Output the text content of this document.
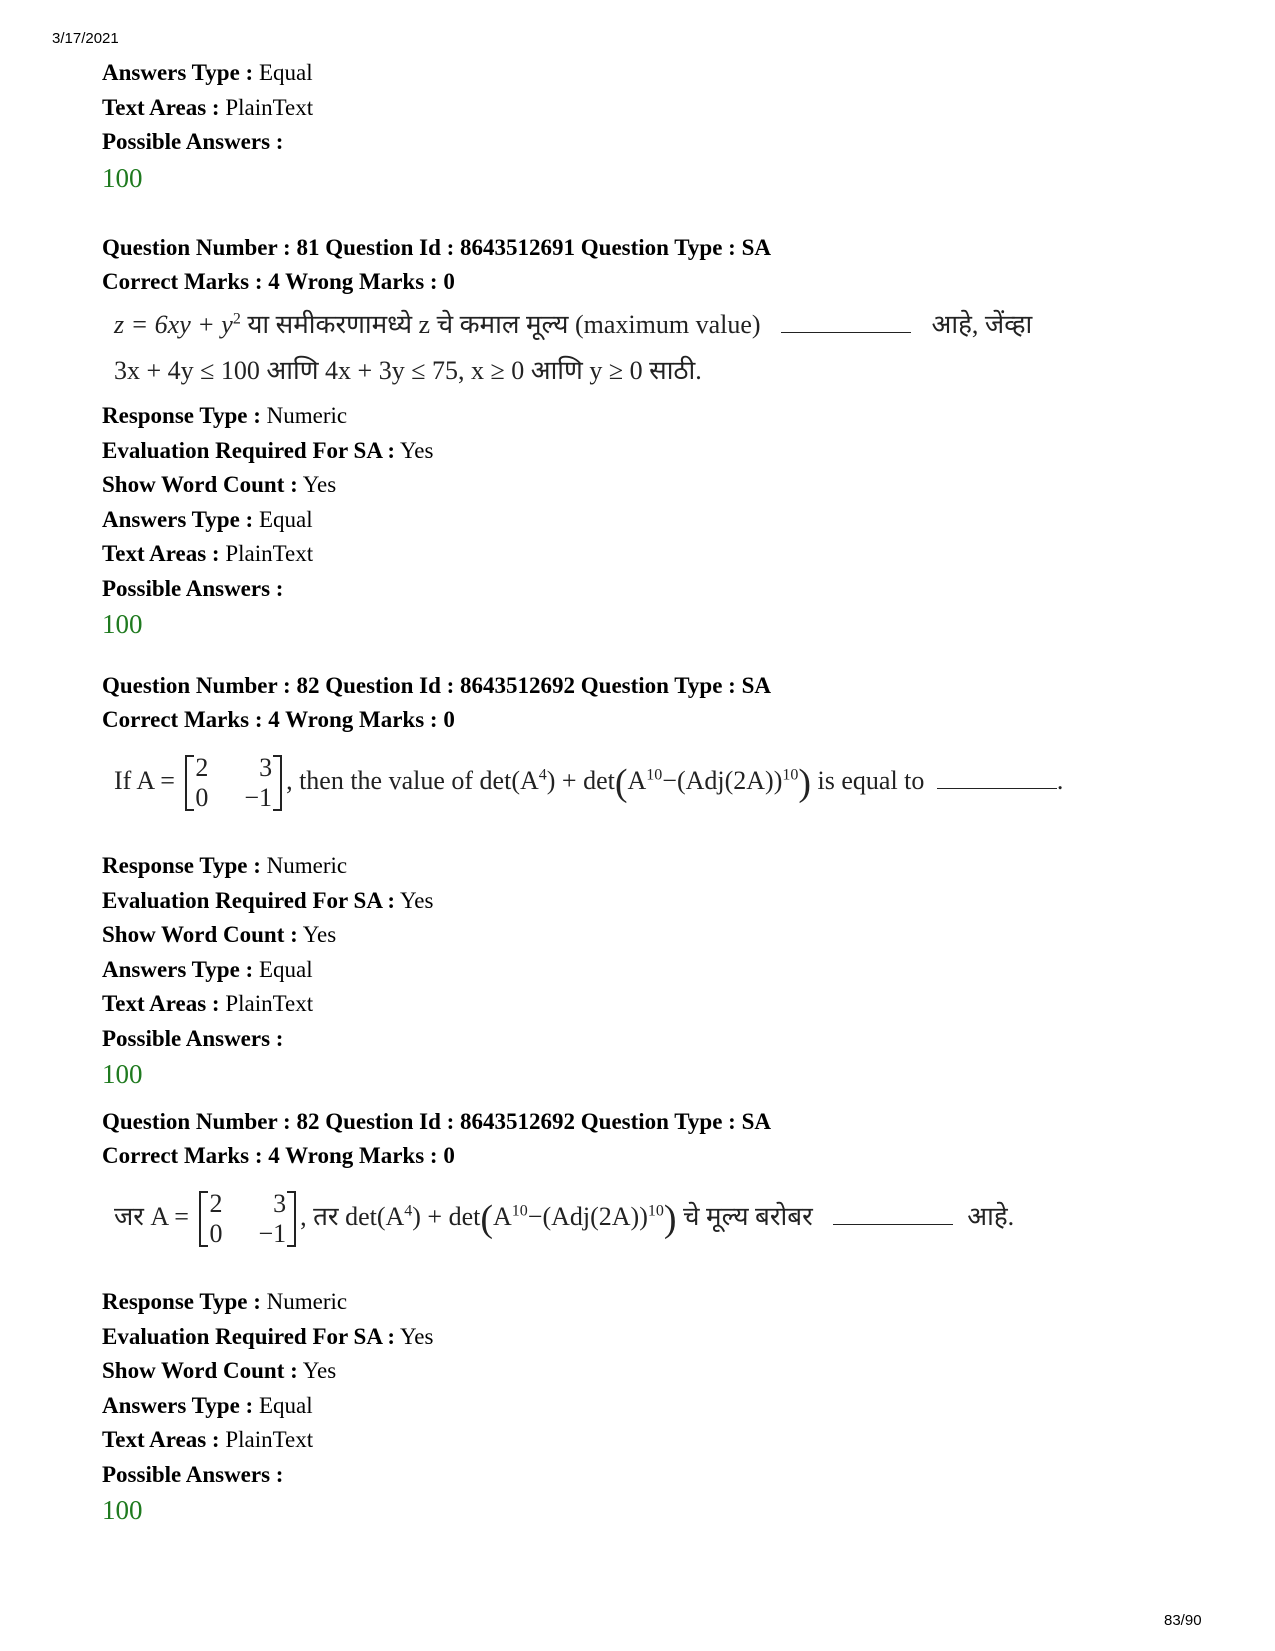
3/17/2021
Answers Type : Equal
Text Areas : PlainText
Possible Answers :
100
Question Number : 81 Question Id : 8643512691 Question Type : SA
Correct Marks : 4 Wrong Marks : 0
$z = 6xy + y^2$ या समीकरणामध्ये z चे कमाल मूल्य (maximum value)	आहे, जेंव्हा
3x + 4y ≤ 100 आणि 4x + 3y ≤ 75, x ≥ 0 आणि y ≥ 0 साठी.
Response Type : Numeric
Evaluation Required For SA : Yes
Show Word Count : Yes
Answers Type : Equal
Text Areas : PlainText
Possible Answers :
100
Question Number : 82 Question Id : 8643512692 Question Type : SA
Correct Marks : 4 Wrong Marks : 0
If A = 2 3
0 −1
, then the value of $\det(A^4) + \det(A^{10}-(Adj(2A))^{10})$ is equal to	.
Response Type : Numeric
Evaluation Required For SA : Yes
Show Word Count : Yes
Answers Type : Equal
Text Areas : PlainText
Possible Answers :
100
Question Number : 82 Question Id : 8643512692 Question Type : SA
Correct Marks : 4 Wrong Marks : 0
जर A = 2 3
0 −1
, तर $\det(A^4) + \det(A^{10}-(Adj(2A))^{10})$ चे मूल्य बरोबर	आहे.
Response Type : Numeric
Evaluation Required For SA : Yes
Show Word Count : Yes
Answers Type : Equal
Text Areas : PlainText
Possible Answers :
100
83/90
